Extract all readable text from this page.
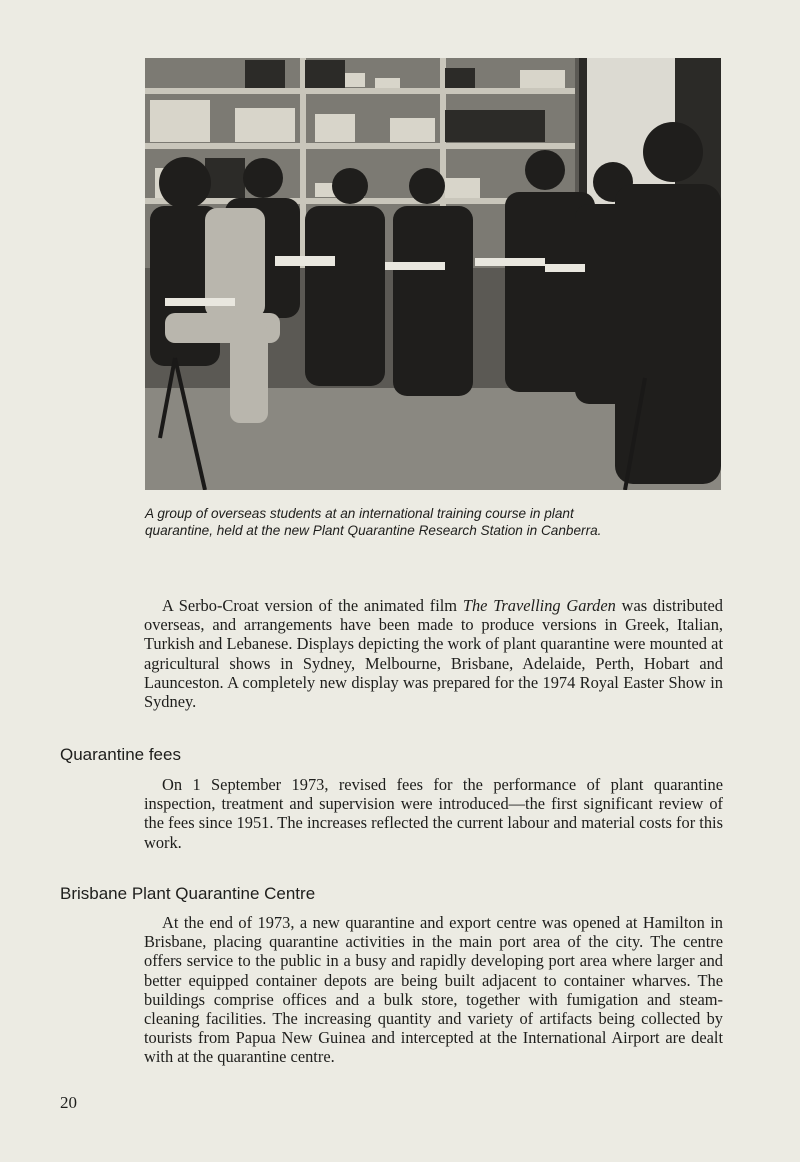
A group of overseas students at an international training course in plant quarantine, held at the new Plant Quarantine Research Station in Canberra.

A Serbo-Croat version of the animated film The Travelling Garden was distributed overseas, and arrangements have been made to produce versions in Greek, Italian, Turkish and Lebanese. Displays depicting the work of plant quarantine were mounted at agricultural shows in Sydney, Melbourne, Brisbane, Adelaide, Perth, Hobart and Launceston. A completely new display was prepared for the 1974 Royal Easter Show in Sydney.

Quarantine fees

On 1 September 1973, revised fees for the performance of plant quarantine inspection, treatment and supervision were introduced—the first significant review of the fees since 1951. The increases reflected the current labour and material costs for this work.

Brisbane Plant Quarantine Centre

At the end of 1973, a new quarantine and export centre was opened at Hamilton in Brisbane, placing quarantine activities in the main port area of the city. The centre offers service to the public in a busy and rapidly developing port area where larger and better equipped container depots are being built adjacent to container wharves. The buildings comprise offices and a bulk store, together with fumigation and steam-cleaning facilities. The increasing quantity and variety of artifacts being collected by tourists from Papua New Guinea and intercepted at the International Airport are dealt with at the quarantine centre.

20
